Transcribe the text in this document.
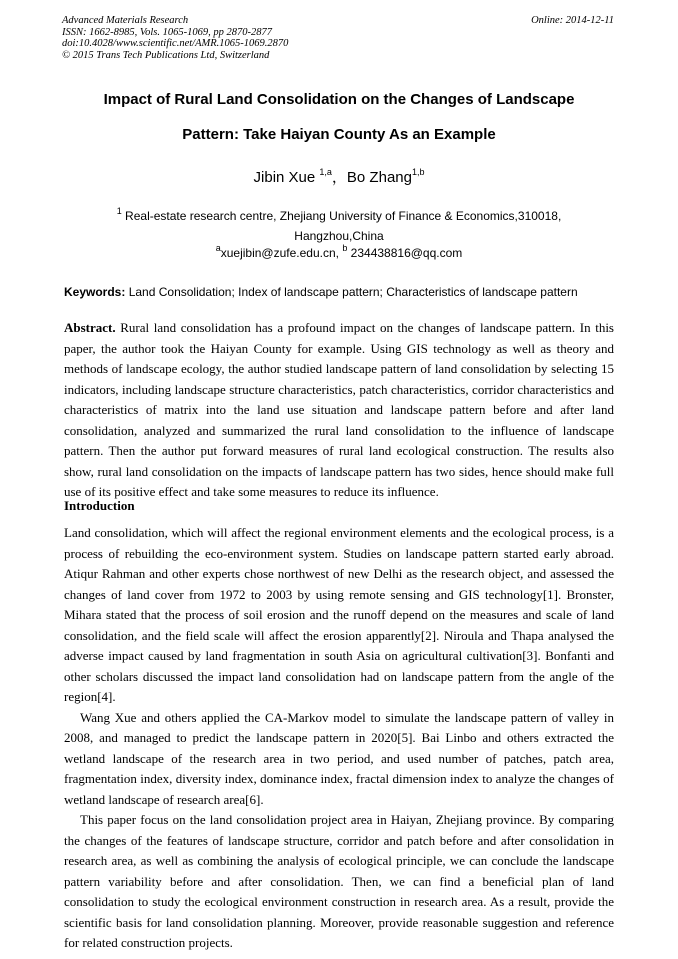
Advanced Materials Research
ISSN: 1662-8985, Vols. 1065-1069, pp 2870-2877
doi:10.4028/www.scientific.net/AMR.1065-1069.2870
© 2015 Trans Tech Publications Ltd, Switzerland
Online: 2014-12-11
Impact of Rural Land Consolidation on the Changes of Landscape
Pattern: Take Haiyan County As an Example
Jibin Xue $^{1,a}$，Bo Zhang$^{1,b}$
$^1$ Real-estate research centre, Zhejiang University of Finance & Economics,310018, Hangzhou,China
$^a$xuejibin@zufe.edu.cn, $^b$ 234438816@qq.com
Keywords: Land Consolidation; Index of landscape pattern; Characteristics of landscape pattern
Abstract. Rural land consolidation has a profound impact on the changes of landscape pattern. In this paper, the author took the Haiyan County for example. Using GIS technology as well as theory and methods of landscape ecology, the author studied landscape pattern of land consolidation by selecting 15 indicators, including landscape structure characteristics, patch characteristics, corridor characteristics and characteristics of matrix into the land use situation and landscape pattern before and after land consolidation, analyzed and summarized the rural land consolidation to the influence of landscape pattern. Then the author put forward measures of rural land ecological construction. The results also show, rural land consolidation on the impacts of landscape pattern has two sides, hence should make full use of its positive effect and take some measures to reduce its influence.
Introduction

Land consolidation, which will affect the regional environment elements and the ecological process, is a process of rebuilding the eco-environment system. Studies on landscape pattern started early abroad. Atiqur Rahman and other experts chose northwest of new Delhi as the research object, and assessed the changes of land cover from 1972 to 2003 by using remote sensing and GIS technology[1]. Bronster, Mihara stated that the process of soil erosion and the runoff depend on the measures and scale of land consolidation, and the field scale will affect the erosion apparently[2]. Niroula and Thapa analysed the adverse impact caused by land fragmentation in south Asia on agricultural cultivation[3]. Bonfanti and other scholars discussed the impact land consolidation had on landscape pattern from the angle of the region[4].

Wang Xue and others applied the CA-Markov model to simulate the landscape pattern of valley in 2008, and managed to predict the landscape pattern in 2020[5]. Bai Linbo and others extracted the wetland landscape of the research area in two period, and used number of patches, patch area, fragmentation index, diversity index, dominance index, fractal dimension index to analyze the changes of wetland landscape of research area[6].

This paper focus on the land consolidation project area in Haiyan, Zhejiang province. By comparing the changes of the features of landscape structure, corridor and patch before and after consolidation in research area, as well as combining the analysis of ecological principle, we can conclude the landscape pattern variability before and after consolidation. Then, we can find a beneficial plan of land consolidation to study the ecological environment construction in research area. As a result, provide the scientific basis for land consolidation planning. Moreover, provide reasonable suggestion and reference for related construction projects.
